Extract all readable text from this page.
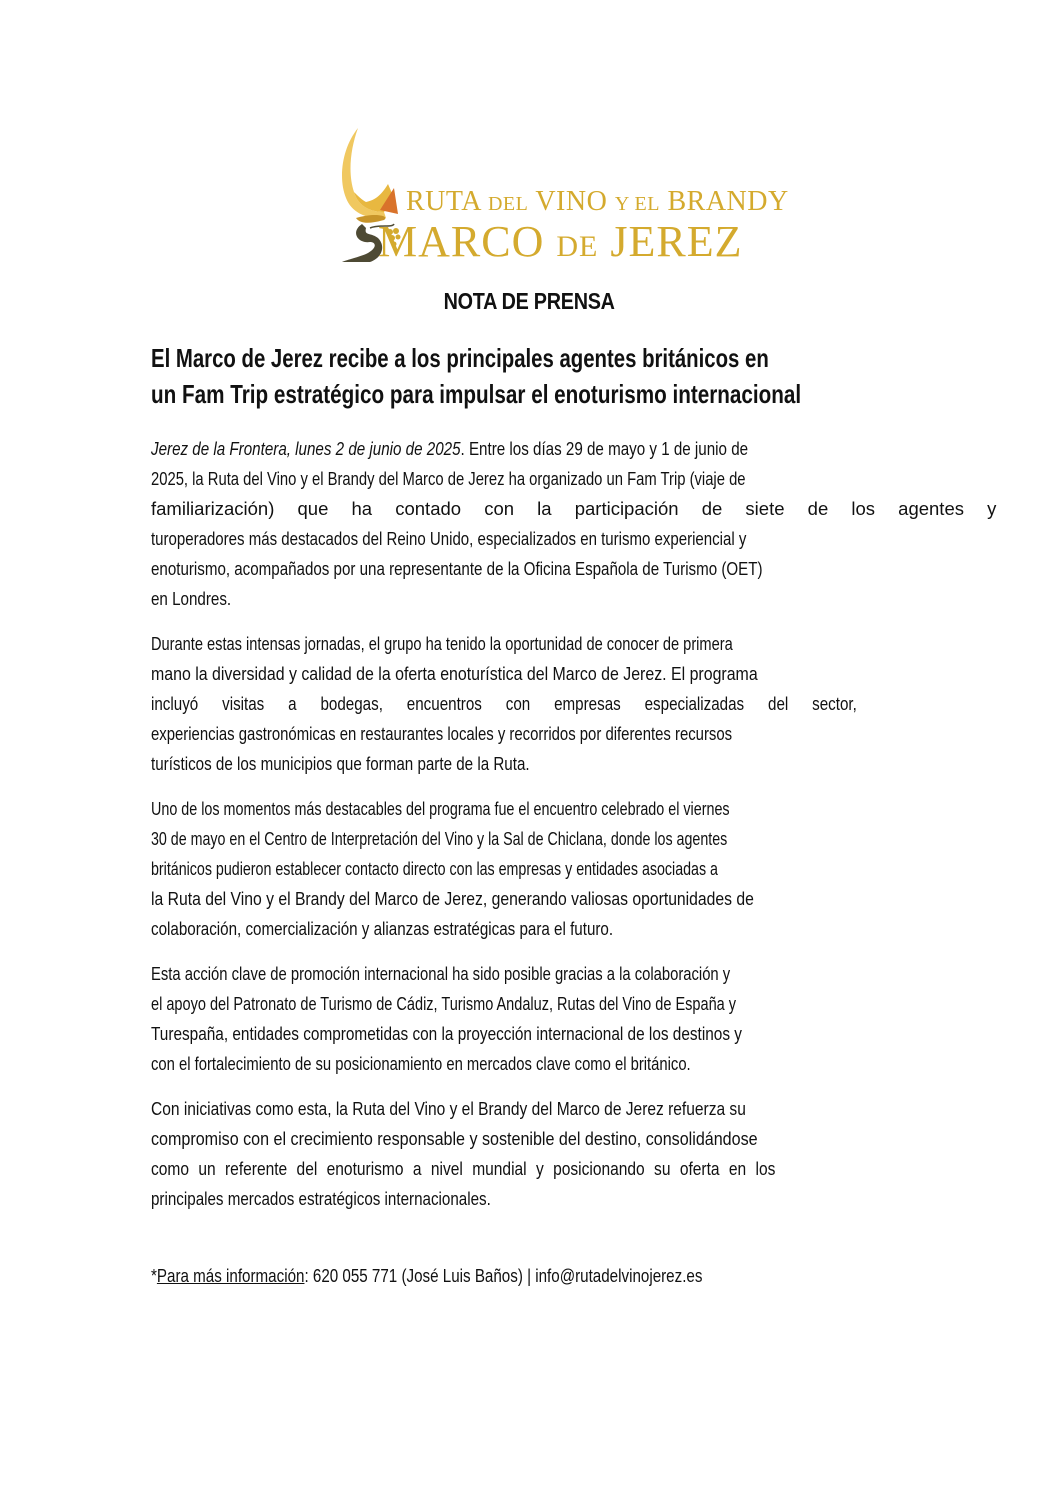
RUTA DEL VINO Y EL BRANDY
MARCO DE JEREZ
NOTA DE PRENSA
El Marco de Jerez recibe a los principales agentes británicos en
un Fam Trip estratégico para impulsar el enoturismo internacional
Jerez de la Frontera, lunes 2 de junio de 2025. Entre los días 29 de mayo y 1 de junio de
2025, la Ruta del Vino y el Brandy del Marco de Jerez ha organizado un Fam Trip (viaje de
familiarización) que ha contado con la participación de siete de los agentes y
turoperadores más destacados del Reino Unido, especializados en turismo experiencial y
enoturismo, acompañados por una representante de la Oficina Española de Turismo (OET)
en Londres.
Durante estas intensas jornadas, el grupo ha tenido la oportunidad de conocer de primera
mano la diversidad y calidad de la oferta enoturística del Marco de Jerez. El programa
incluyó visitas a bodegas, encuentros con empresas especializadas del sector,
experiencias gastronómicas en restaurantes locales y recorridos por diferentes recursos
turísticos de los municipios que forman parte de la Ruta.
Uno de los momentos más destacables del programa fue el encuentro celebrado el viernes
30 de mayo en el Centro de Interpretación del Vino y la Sal de Chiclana, donde los agentes
británicos pudieron establecer contacto directo con las empresas y entidades asociadas a
la Ruta del Vino y el Brandy del Marco de Jerez, generando valiosas oportunidades de
colaboración, comercialización y alianzas estratégicas para el futuro.
Esta acción clave de promoción internacional ha sido posible gracias a la colaboración y
el apoyo del Patronato de Turismo de Cádiz, Turismo Andaluz, Rutas del Vino de España y
Turespaña, entidades comprometidas con la proyección internacional de los destinos y
con el fortalecimiento de su posicionamiento en mercados clave como el británico.
Con iniciativas como esta, la Ruta del Vino y el Brandy del Marco de Jerez refuerza su
compromiso con el crecimiento responsable y sostenible del destino, consolidándose
como un referente del enoturismo a nivel mundial y posicionando su oferta en los
principales mercados estratégicos internacionales.
*Para más información: 620 055 771 (José Luis Baños) | info@rutadelvinojerez.es
